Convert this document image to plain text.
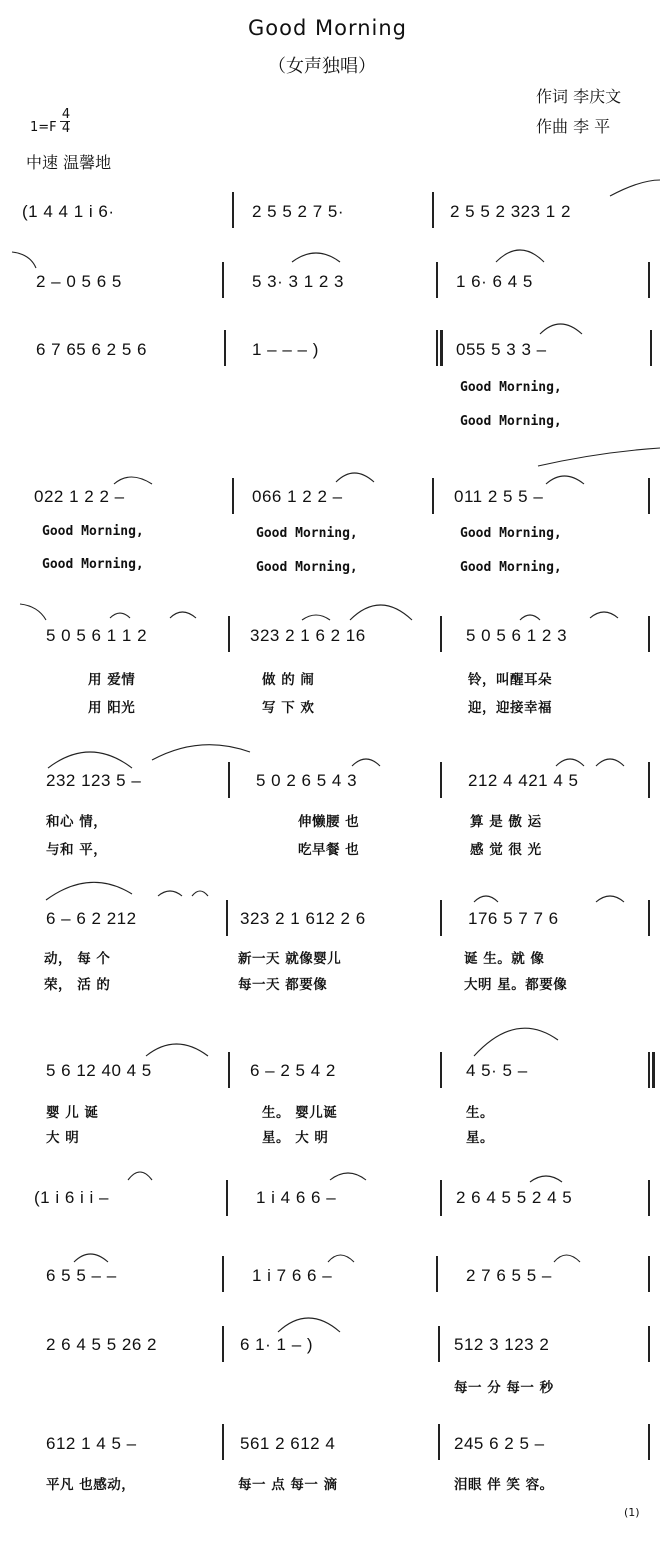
Good Morning
（女声独唱）
作词 李庆文
作曲 李 平
1=F
4
4
中速 温馨地
(1 4 4 1 i 6·	2 5 5 2 7 5·	2 5 5 2 323 1 2
2 – 0 5 6 5	5 3· 3 1 2 3	1 6· 6 4 5
6 7 65 6 2 5 6	1 – – – )	055 5 3 3 –
Good Morning,
Good Morning,
022 1 2 2 –	066 1 2 2 –	011 2 5 5 –
Good Morning,	Good Morning,	Good Morning,
Good Morning,	Good Morning,	Good Morning,
5 0 5 6 1 1 2	323 2 1 6 2 16	5 0 5 6 1 2 3
用 爱情	做 的 闹	铃，叫醒耳朵
用 阳光	写 下 欢	迎，迎接幸福
232 123 5 –	5 0 2 6 5 4 3	212 4 421 4 5
和心 情，	伸懒腰 也	算 是 傲 运
与和 平，	吃早餐 也	感 觉 很 光
6 – 6 2 212	323 2 1 612 2 6	176 5 7 7 6
动， 每 个	新一天 就像婴儿	诞 生。就 像
荣， 活 的	每一天 都要像	大明 星。都要像
5 6 12 40 4 5	6 – 2 5 4 2	4 5· 5 –
婴 儿 诞	生。 婴儿诞	生。
大 明	星。 大 明	星。
(1 i 6 i i –	1 i 4 6 6 –	2 6 4 5 5 2 4 5
6 5 5 – –	1 i 7 6 6 –	2 7 6 5 5 –
2 6 4 5 5 26 2	6 1· 1 – )	512 3 123 2
每一 分 每一 秒
612 1 4 5 –	561 2 612 4	245 6 2 5 –
平凡 也感动，	每一 点 每一 滴	泪眼 伴 笑 容。
(1)
